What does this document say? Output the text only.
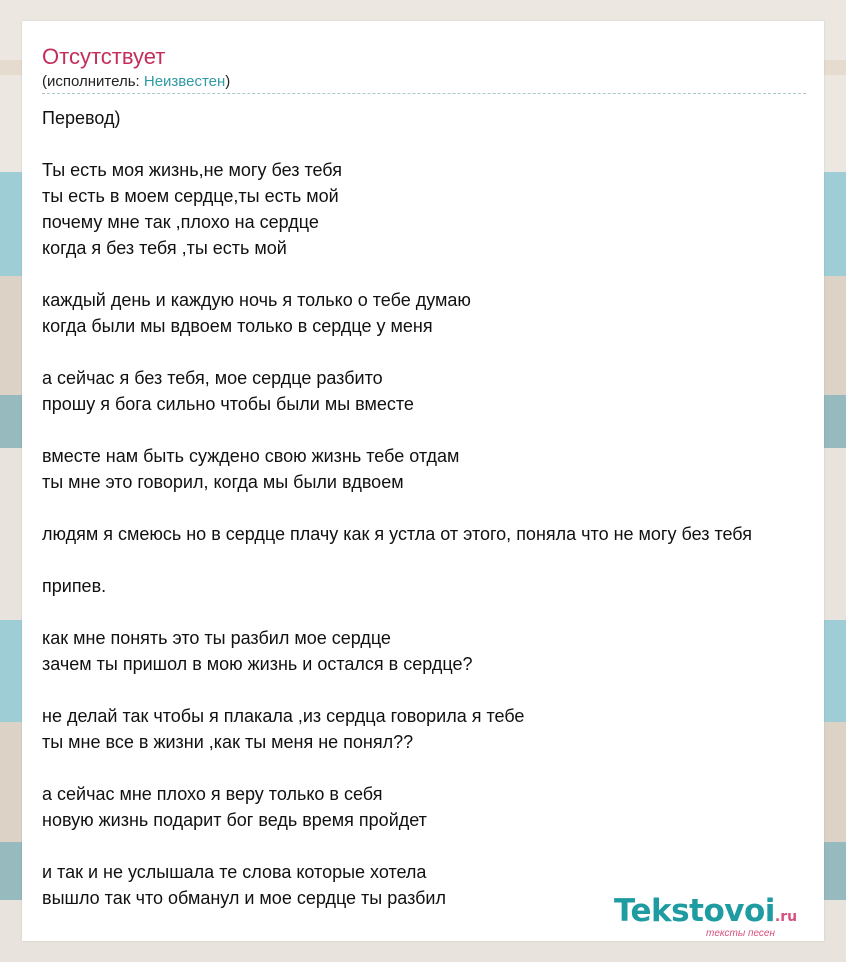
Отсутствует
(исполнитель: Неизвестен)
Перевод)

Ты есть моя жизнь,не могу без тебя
ты есть в моем сердце,ты есть мой
почему мне так ,плохо на сердце
когда я без тебя ,ты есть мой

каждый день и каждую ночь я только о тебе думаю
когда были мы вдвоем только в сердце у меня

а сейчас я без тебя, мое сердце разбито
прошу я бога сильно чтобы были мы вместе

вместе нам быть суждено свою жизнь тебе отдам
ты мне это говорил, когда мы были вдвоем

людям я смеюсь но в сердце плачу как я устла от этого, поняла что не могу без тебя

припев.

как мне понять это ты разбил мое сердце
зачем ты пришол в мою жизнь и остался в сердце?

не делай так чтобы я плакала ,из сердца говорила я тебе
ты мне все в жизни ,как ты меня не понял??

а сейчас мне плохо я веру только в себя
новую жизнь подарит бог ведь время пройдет

и так и не услышала те слова которые хотела
вышло так что обманул и мое сердце ты разбил	Tekstovoi.ru
тексты песен
